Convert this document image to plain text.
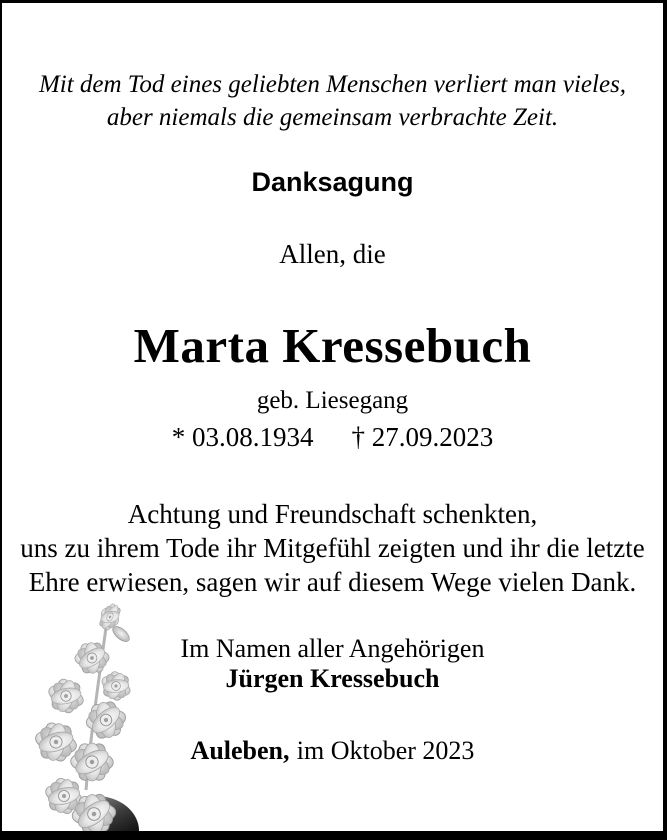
Mit dem Tod eines geliebten Menschen verliert man vieles,
aber niemals die gemeinsam verbrachte Zeit.
Danksagung
Allen, die
Marta Kressebuch
geb. Liesegang
* 03.08.1934 † 27.09.2023
Achtung und Freundschaft schenkten,
uns zu ihrem Tode ihr Mitgefühl zeigten und ihr die letzte
Ehre erwiesen, sagen wir auf diesem Wege vielen Dank.
Im Namen aller Angehörigen
Jürgen Kressebuch
Auleben, im Oktober 2023
